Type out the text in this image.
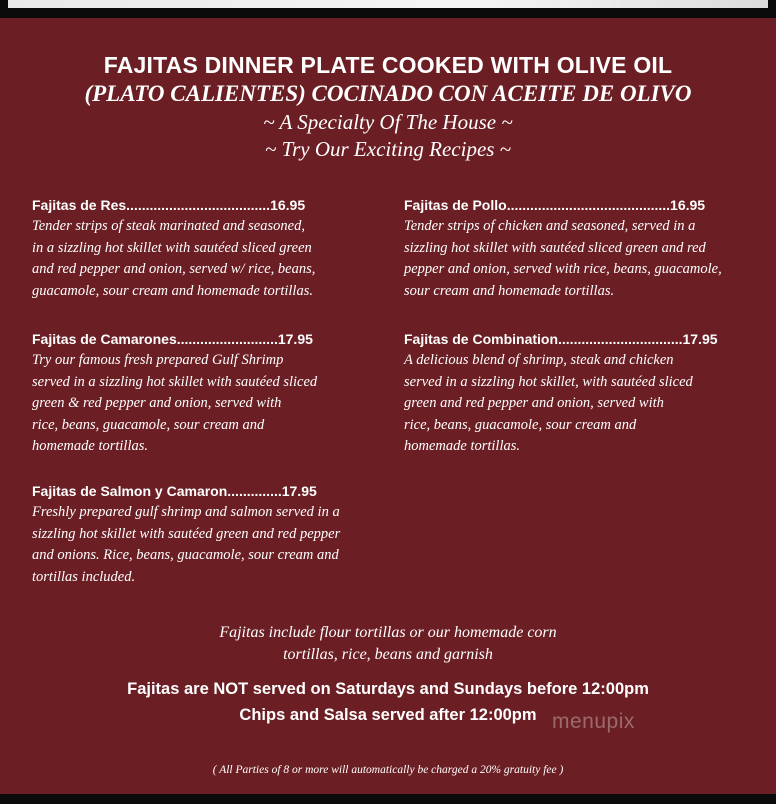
FAJITAS DINNER PLATE COOKED WITH OLIVE OIL
(PLATO CALIENTES) COCINADO CON ACEITE DE OLIVO
~ A Specialty Of The House ~
~ Try Our Exciting Recipes ~
Fajitas de Res.....................................16.95

Tender strips of steak marinated and seasoned,
in a sizzling hot skillet with sautéed sliced green
and red pepper and onion, served w/ rice, beans,
guacamole, sour cream and homemade tortillas.

Fajitas de Pollo..........................................16.95

Tender strips of chicken and seasoned, served in a
sizzling hot skillet with sautéed sliced green and red
pepper and onion, served with rice, beans, guacamole,
sour cream and homemade tortillas.

Fajitas de Camarones..........................17.95

Try our famous fresh prepared Gulf Shrimp
served in a sizzling hot skillet with sautéed sliced
green & red pepper and onion, served with
rice, beans, guacamole, sour cream and
homemade tortillas.

Fajitas de Combination................................17.95

A delicious blend of shrimp, steak and chicken
served in a sizzling hot skillet, with sautéed sliced
green and red pepper and onion, served with
rice, beans, guacamole, sour cream and
homemade tortillas.

Fajitas de Salmon y Camaron..............17.95

Freshly prepared gulf shrimp and salmon served in a
sizzling hot skillet with sautéed green and red pepper
and onions. Rice, beans, guacamole, sour cream and
tortillas included.

Fajitas include flour tortillas or our homemade corn
tortillas, rice, beans and garnish
Fajitas are NOT served on Saturdays and Sundays before 12:00pm
Chips and Salsa served after 12:00pm menupix
( All Parties of 8 or more will automatically be charged a 20% gratuity fee )
